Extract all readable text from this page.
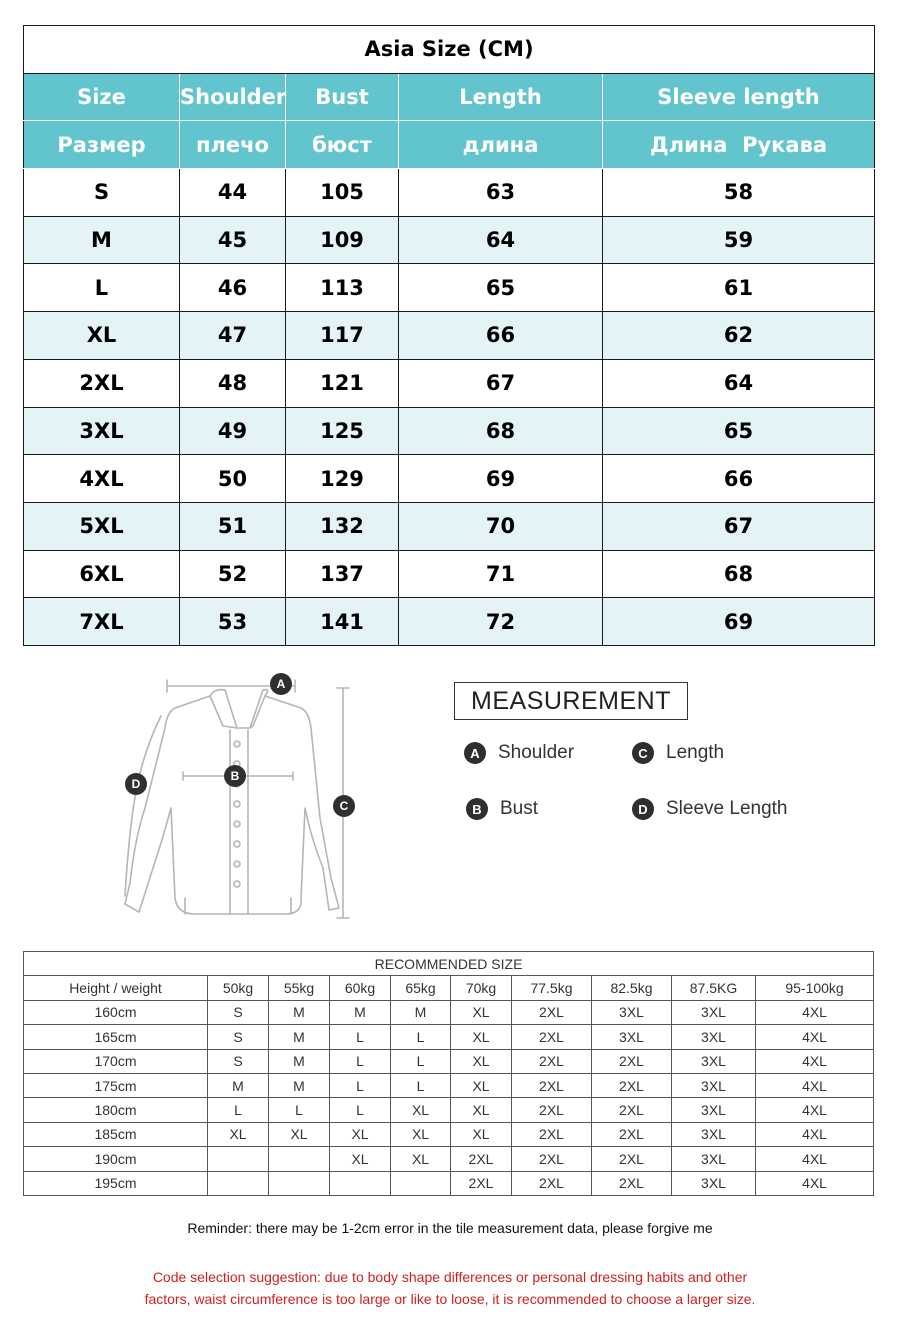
Asia Size (CM)				
Size	Shoulder	Bust	Length	Sleeve length
Размер	плечо	бюст	длина	Длина  Рукава
S	44	105	63	58
M	45	109	64	59
L	46	113	65	61
XL	47	117	66	62
2XL	48	121	67	64
3XL	49	125	68	65
4XL	50	129	69	66
5XL	51	132	70	67
6XL	52	137	71	68
7XL	53	141	72	69
A
B
C
D
MEASUREMENT
A Shoulder	C Length
B Bust	D Sleeve Length
RECOMMENDED SIZE									
Height / weight	50kg	55kg	60kg	65kg	70kg	77.5kg	82.5kg	87.5KG	95-100kg
160cm	S	M	M	M	XL	2XL	3XL	3XL	4XL
165cm	S	M	L	L	XL	2XL	3XL	3XL	4XL
170cm	S	M	L	L	XL	2XL	2XL	3XL	4XL
175cm	M	M	L	L	XL	2XL	2XL	3XL	4XL
180cm	L	L	L	XL	XL	2XL	2XL	3XL	4XL
185cm	XL	XL	XL	XL	XL	2XL	2XL	3XL	4XL
190cm			XL	XL	2XL	2XL	2XL	3XL	4XL
195cm					2XL	2XL	2XL	3XL	4XL
Reminder: there may be 1-2cm error in the tile measurement data, please forgive me
Code selection suggestion: due to body shape differences or personal dressing habits and other
factors, waist circumference is too large or like to loose, it is recommended to choose a larger size.
